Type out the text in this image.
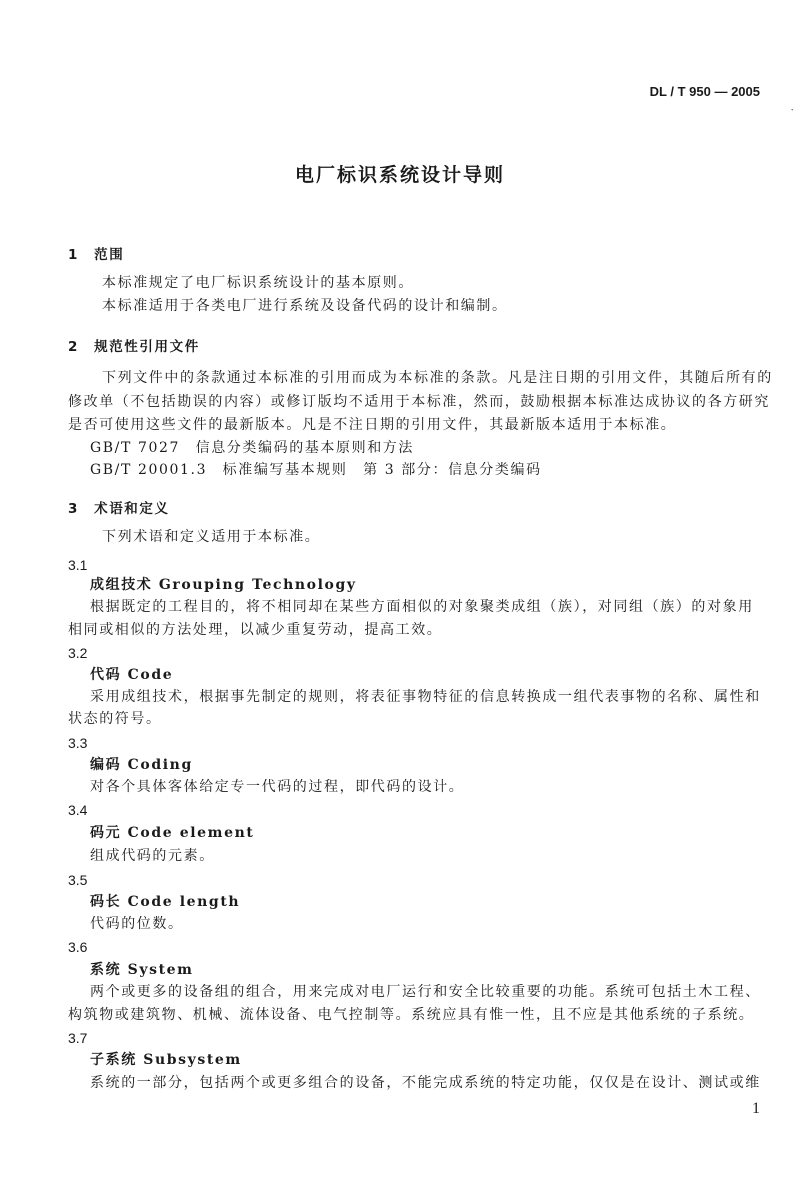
DL / T 950 — 2005
ˏ
电厂标识系统设计导则
1　范围
本标准规定了电厂标识系统设计的基本原则。
本标准适用于各类电厂进行系统及设备代码的设计和编制。
2　规范性引用文件
下列文件中的条款通过本标准的引用而成为本标准的条款。凡是注日期的引用文件，其随后所有的
修改单（不包括勘误的内容）或修订版均不适用于本标准，然而，鼓励根据本标准达成协议的各方研究
是否可使用这些文件的最新版本。凡是不注日期的引用文件，其最新版本适用于本标准。
GB/T 7027　信息分类编码的基本原则和方法
GB/T 20001.3　标准编写基本规则　第 3 部分：信息分类编码
3　术语和定义
下列术语和定义适用于本标准。
3.1
成组技术 Grouping Technology
根据既定的工程目的，将不相同却在某些方面相似的对象聚类成组（族），对同组（族）的对象用
相同或相似的方法处理，以减少重复劳动，提高工效。
3.2
代码 Code
采用成组技术，根据事先制定的规则，将表征事物特征的信息转换成一组代表事物的名称、属性和
状态的符号。
3.3
编码 Coding
对各个具体客体给定专一代码的过程，即代码的设计。
3.4
码元 Code element
组成代码的元素。
3.5
码长 Code length
代码的位数。
3.6
系统 System
两个或更多的设备组的组合，用来完成对电厂运行和安全比较重要的功能。系统可包括土木工程、
构筑物或建筑物、机械、流体设备、电气控制等。系统应具有惟一性，且不应是其他系统的子系统。
3.7
子系统 Subsystem
系统的一部分，包括两个或更多组合的设备，不能完成系统的特定功能，仅仅是在设计、测试或维
1
